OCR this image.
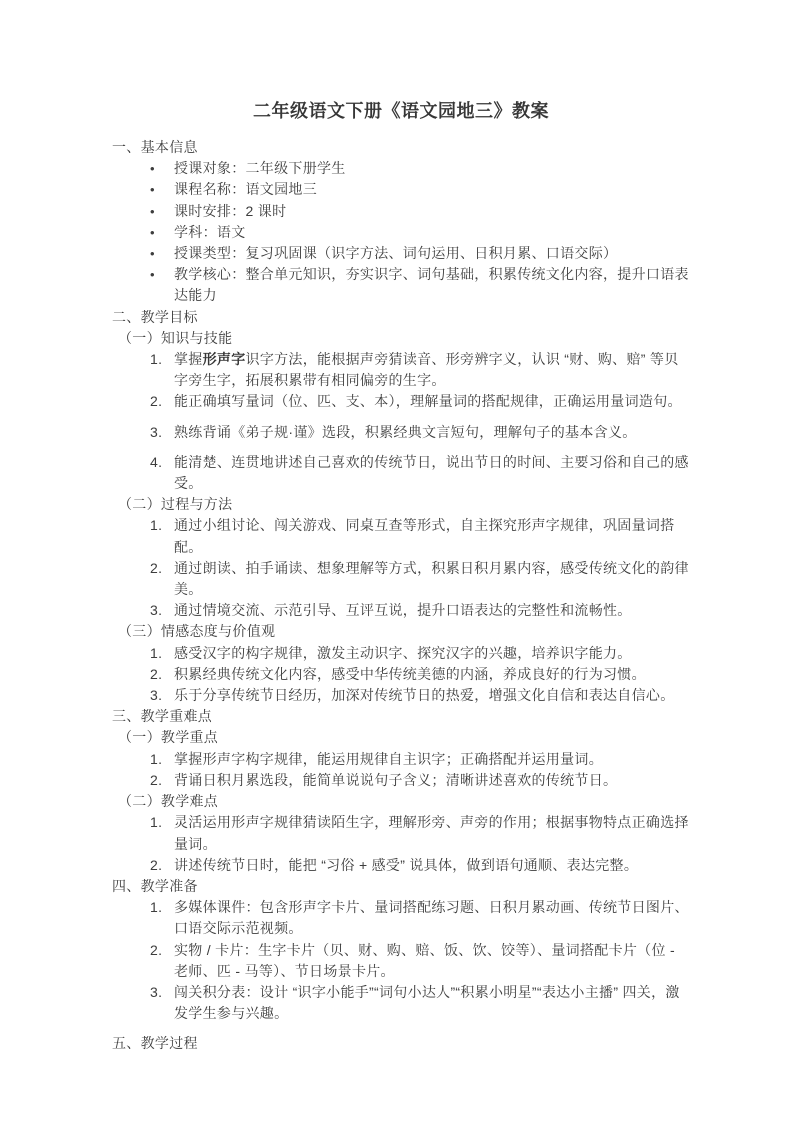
二年级语文下册《语文园地三》教案
一、基本信息
•	授课对象：二年级下册学生
•	课程名称：语文园地三
•	课时安排：2 课时
•	学科：语文
•	授课类型：复习巩固课（识字方法、词句运用、日积月累、口语交际）
•	教学核心：整合单元知识，夯实识字、词句基础，积累传统文化内容，提升口语表达能力
二、教学目标
（一）知识与技能
1. 掌握形声字识字方法，能根据声旁猜读音、形旁辨字义，认识 “财、购、赔” 等贝字旁生字，拓展积累带有相同偏旁的生字。
2. 能正确填写量词（位、匹、支、本），理解量词的搭配规律，正确运用量词造句。
3. 熟练背诵《弟子规·谨》选段，积累经典文言短句，理解句子的基本含义。
4. 能清楚、连贯地讲述自己喜欢的传统节日，说出节日的时间、主要习俗和自己的感受。
（二）过程与方法
1. 通过小组讨论、闯关游戏、同桌互查等形式，自主探究形声字规律，巩固量词搭配。
2. 通过朗读、拍手诵读、想象理解等方式，积累日积月累内容，感受传统文化的韵律美。
3. 通过情境交流、示范引导、互评互说，提升口语表达的完整性和流畅性。
（三）情感态度与价值观
1. 感受汉字的构字规律，激发主动识字、探究汉字的兴趣，培养识字能力。
2. 积累经典传统文化内容，感受中华传统美德的内涵，养成良好的行为习惯。
3. 乐于分享传统节日经历，加深对传统节日的热爱，增强文化自信和表达自信心。
三、教学重难点
（一）教学重点
1. 掌握形声字构字规律，能运用规律自主识字；正确搭配并运用量词。
2. 背诵日积月累选段，能简单说说句子含义；清晰讲述喜欢的传统节日。
（二）教学难点
1. 灵活运用形声字规律猜读陌生字，理解形旁、声旁的作用；根据事物特点正确选择量词。
2. 讲述传统节日时，能把 “习俗 + 感受” 说具体，做到语句通顺、表达完整。
四、教学准备
1. 多媒体课件：包含形声字卡片、量词搭配练习题、日积月累动画、传统节日图片、口语交际示范视频。
2. 实物 / 卡片：生字卡片（贝、财、购、赔、饭、饮、饺等）、量词搭配卡片（位 - 老师、匹 - 马等）、节日场景卡片。
3. 闯关积分表：设计 “识字小能手”“词句小达人”“积累小明星”“表达小主播” 四关，激发学生参与兴趣。
五、教学过程
